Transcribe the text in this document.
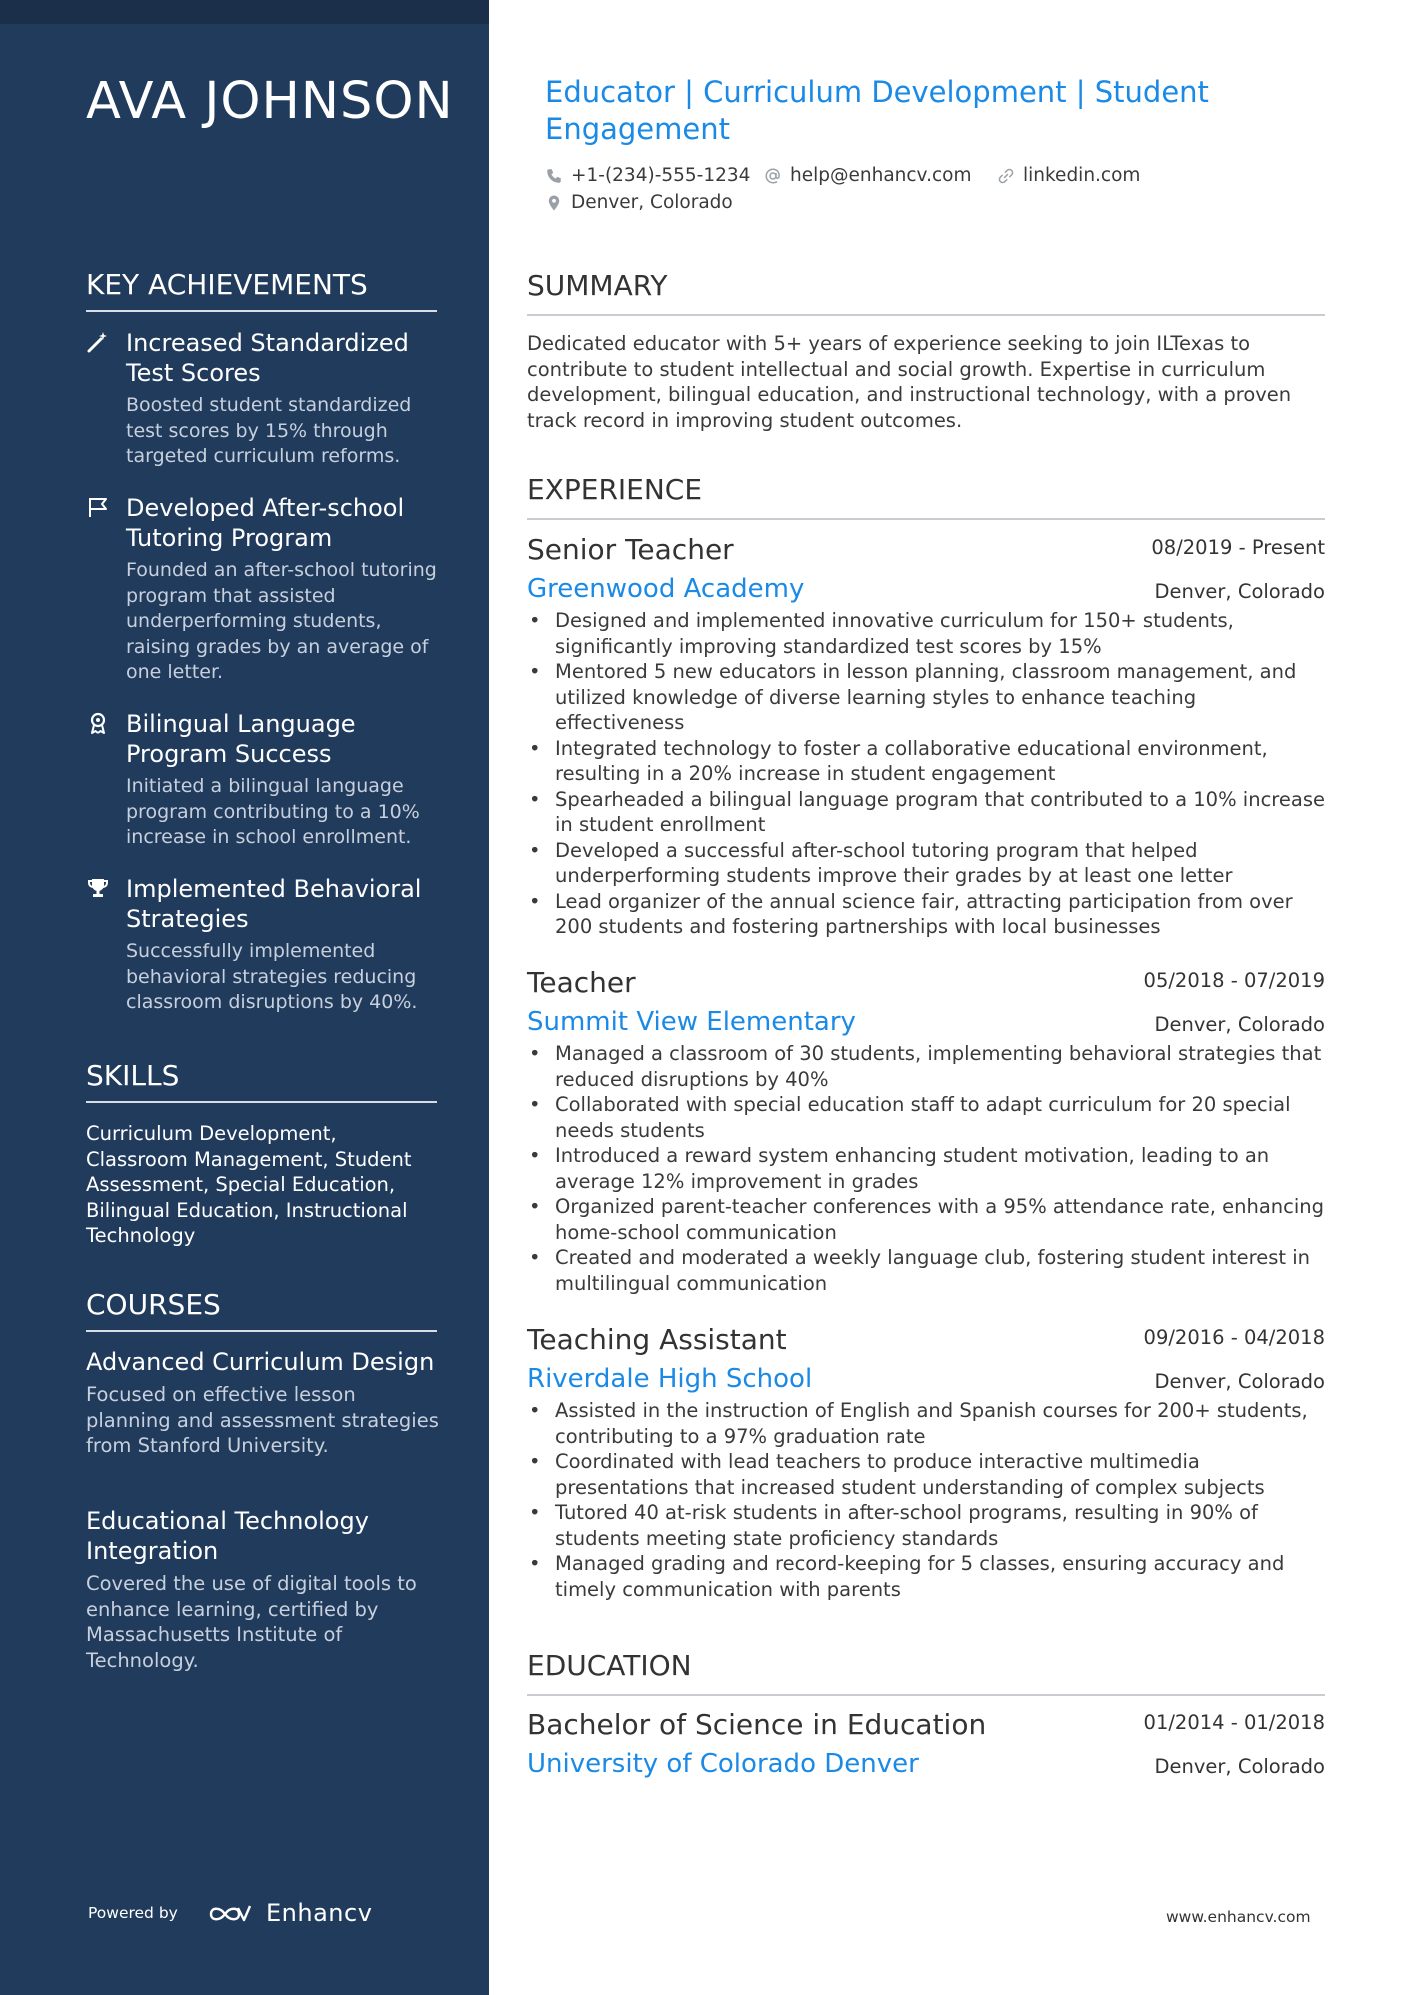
AVA JOHNSON
KEY ACHIEVEMENTS
Increased Standardized Test Scores
Boosted student standardized test scores by 15% through targeted curriculum reforms.
Developed After-school Tutoring Program
Founded an after-school tutoring program that assisted underperforming students, raising grades by an average of one letter.
Bilingual Language Program Success
Initiated a bilingual language program contributing to a 10% increase in school enrollment.
Implemented Behavioral Strategies
Successfully implemented behavioral strategies reducing classroom disruptions by 40%.
SKILLS
Curriculum Development, Classroom Management, Student Assessment, Special Education, Bilingual Education, Instructional Technology
COURSES
Advanced Curriculum Design
Focused on effective lesson planning and assessment strategies from Stanford University.
Educational Technology Integration
Covered the use of digital tools to enhance learning, certified by Massachusetts Institute of Technology.
Powered by	Enhancv
Educator | Curriculum Development | Student Engagement
+1-(234)-555-1234	help@enhancv.com	linkedin.com
Denver, Colorado
SUMMARY
Dedicated educator with 5+ years of experience seeking to join ILTexas to contribute to student intellectual and social growth. Expertise in curriculum development, bilingual education, and instructional technology, with a proven track record in improving student outcomes.
EXPERIENCE
Senior Teacher	08/2019 - Present
Greenwood Academy	Denver, Colorado
• Designed and implemented innovative curriculum for 150+ students, significantly improving standardized test scores by 15%
• Mentored 5 new educators in lesson planning, classroom management, and utilized knowledge of diverse learning styles to enhance teaching effectiveness
• Integrated technology to foster a collaborative educational environment, resulting in a 20% increase in student engagement
• Spearheaded a bilingual language program that contributed to a 10% increase in student enrollment
• Developed a successful after-school tutoring program that helped underperforming students improve their grades by at least one letter
• Lead organizer of the annual science fair, attracting participation from over 200 students and fostering partnerships with local businesses
Teacher	05/2018 - 07/2019
Summit View Elementary	Denver, Colorado
• Managed a classroom of 30 students, implementing behavioral strategies that reduced disruptions by 40%
• Collaborated with special education staff to adapt curriculum for 20 special needs students
• Introduced a reward system enhancing student motivation, leading to an average 12% improvement in grades
• Organized parent-teacher conferences with a 95% attendance rate, enhancing home-school communication
• Created and moderated a weekly language club, fostering student interest in multilingual communication
Teaching Assistant	09/2016 - 04/2018
Riverdale High School	Denver, Colorado
• Assisted in the instruction of English and Spanish courses for 200+ students, contributing to a 97% graduation rate
• Coordinated with lead teachers to produce interactive multimedia presentations that increased student understanding of complex subjects
• Tutored 40 at-risk students in after-school programs, resulting in 90% of students meeting state proficiency standards
• Managed grading and record-keeping for 5 classes, ensuring accuracy and timely communication with parents
EDUCATION
Bachelor of Science in Education	01/2014 - 01/2018
University of Colorado Denver	Denver, Colorado
www.enhancv.com
